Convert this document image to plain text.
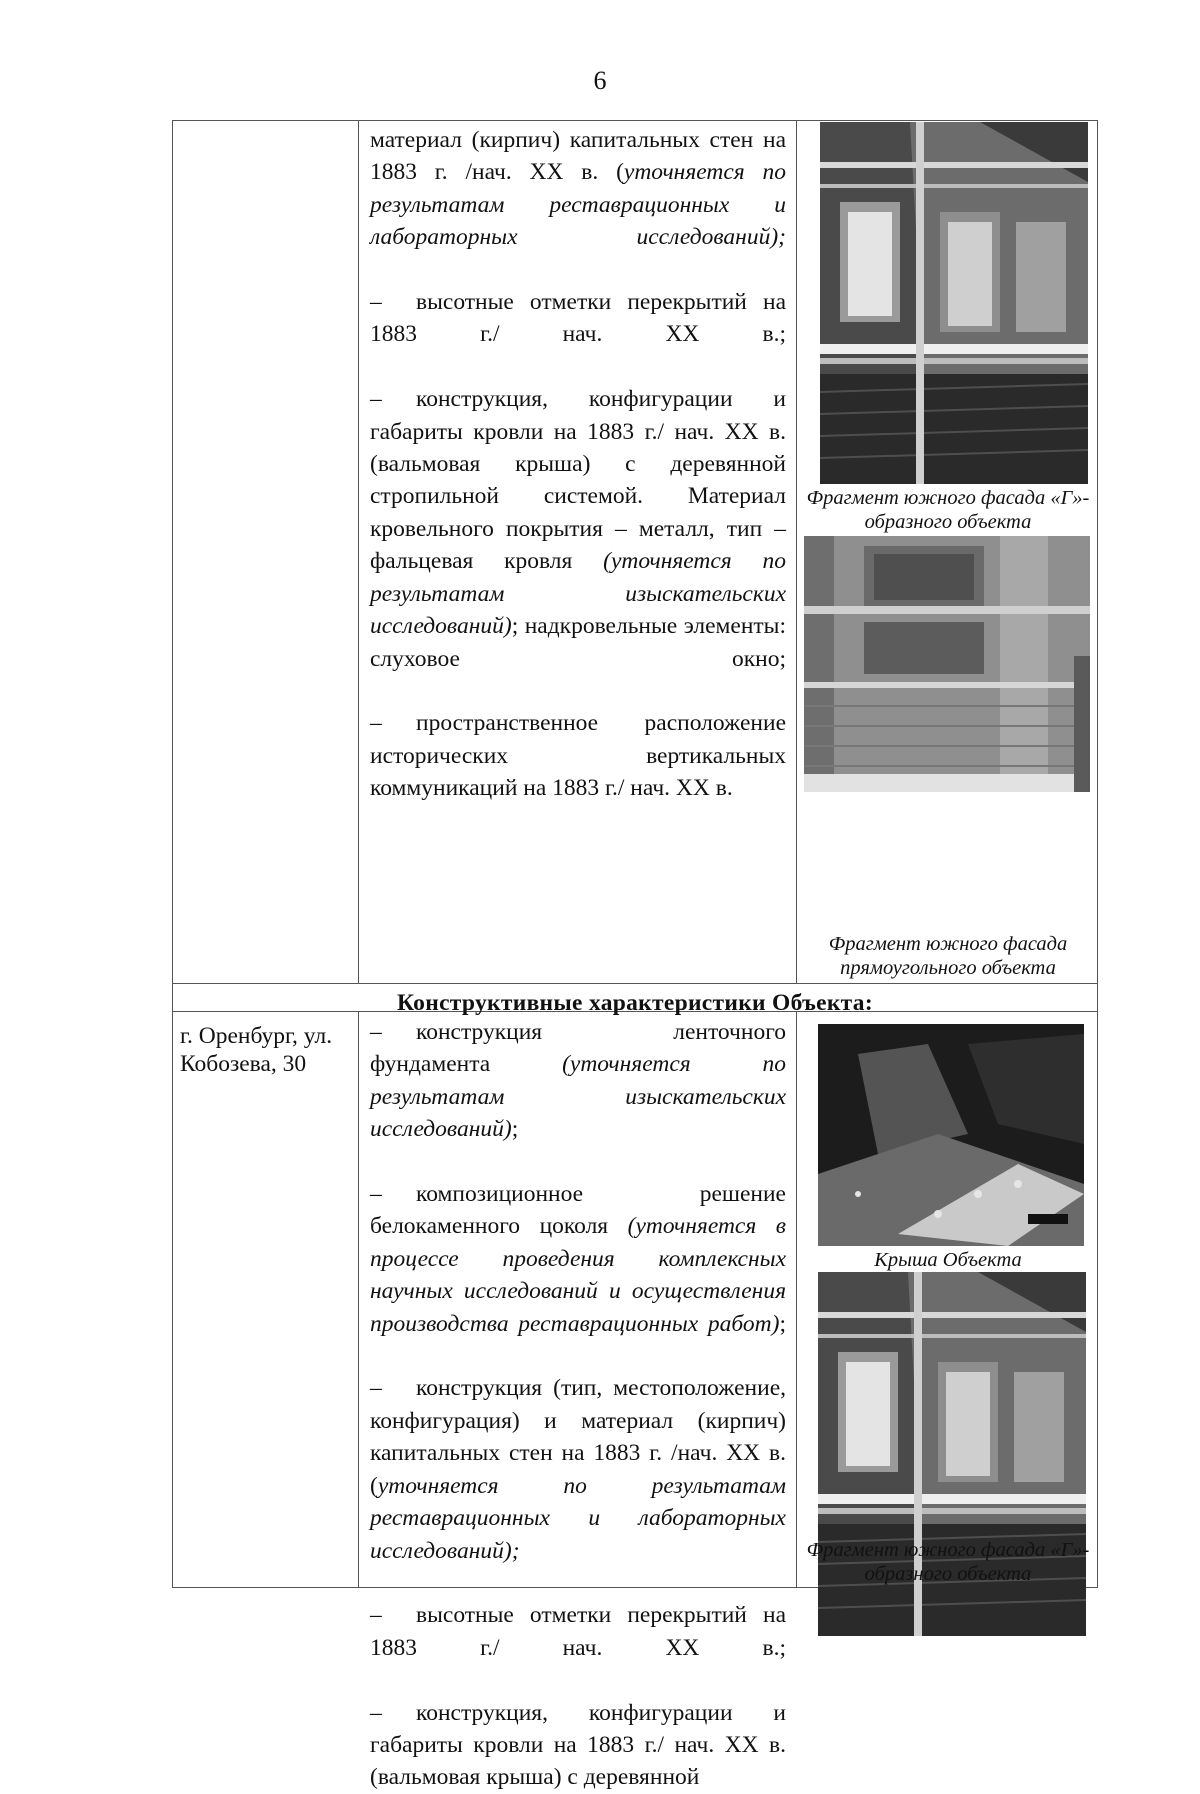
6

материал (кирпич) капитальных стен на 1883 г. /нач. XX в. (уточняется по результатам реставрационных и лабораторных исследований);

– высотные отметки перекрытий на 1883 г./ нач. XX в.;

– конструкция, конфигурации и габариты кровли на 1883 г./ нач. XX в. (вальмовая крыша) с деревянной стропильной системой. Материал кровельного покрытия – металл, тип – фальцевая кровля (уточняется по результатам изыскательских исследований); надкровельные элементы: слуховое окно;

– пространственное расположение исторических вертикальных коммуникаций на 1883 г./ нач. XX в.

Фрагмент южного фасада «Г»-образного объекта
Фрагмент южного фасада прямоугольного объекта
Конструктивные характеристики Объекта:
г. Оренбург, ул. Кобозева, 30

– конструкция ленточного фундамента (уточняется по результатам изыскательских исследований);

– композиционное решение белокаменного цоколя (уточняется в процессе проведения комплексных научных исследований и осуществления производства реставрационных работ);

– конструкция (тип, местоположение, конфигурация) и материал (кирпич) капитальных стен на 1883 г. /нач. XX в. (уточняется по результатам реставрационных и лабораторных исследований);

– высотные отметки перекрытий на 1883 г./ нач. XX в.;

– конструкция, конфигурации и габариты кровли на 1883 г./ нач. XX в. (вальмовая крыша) с деревянной

Крыша Объекта
Фрагмент южного фасада «Г»-образного объекта
